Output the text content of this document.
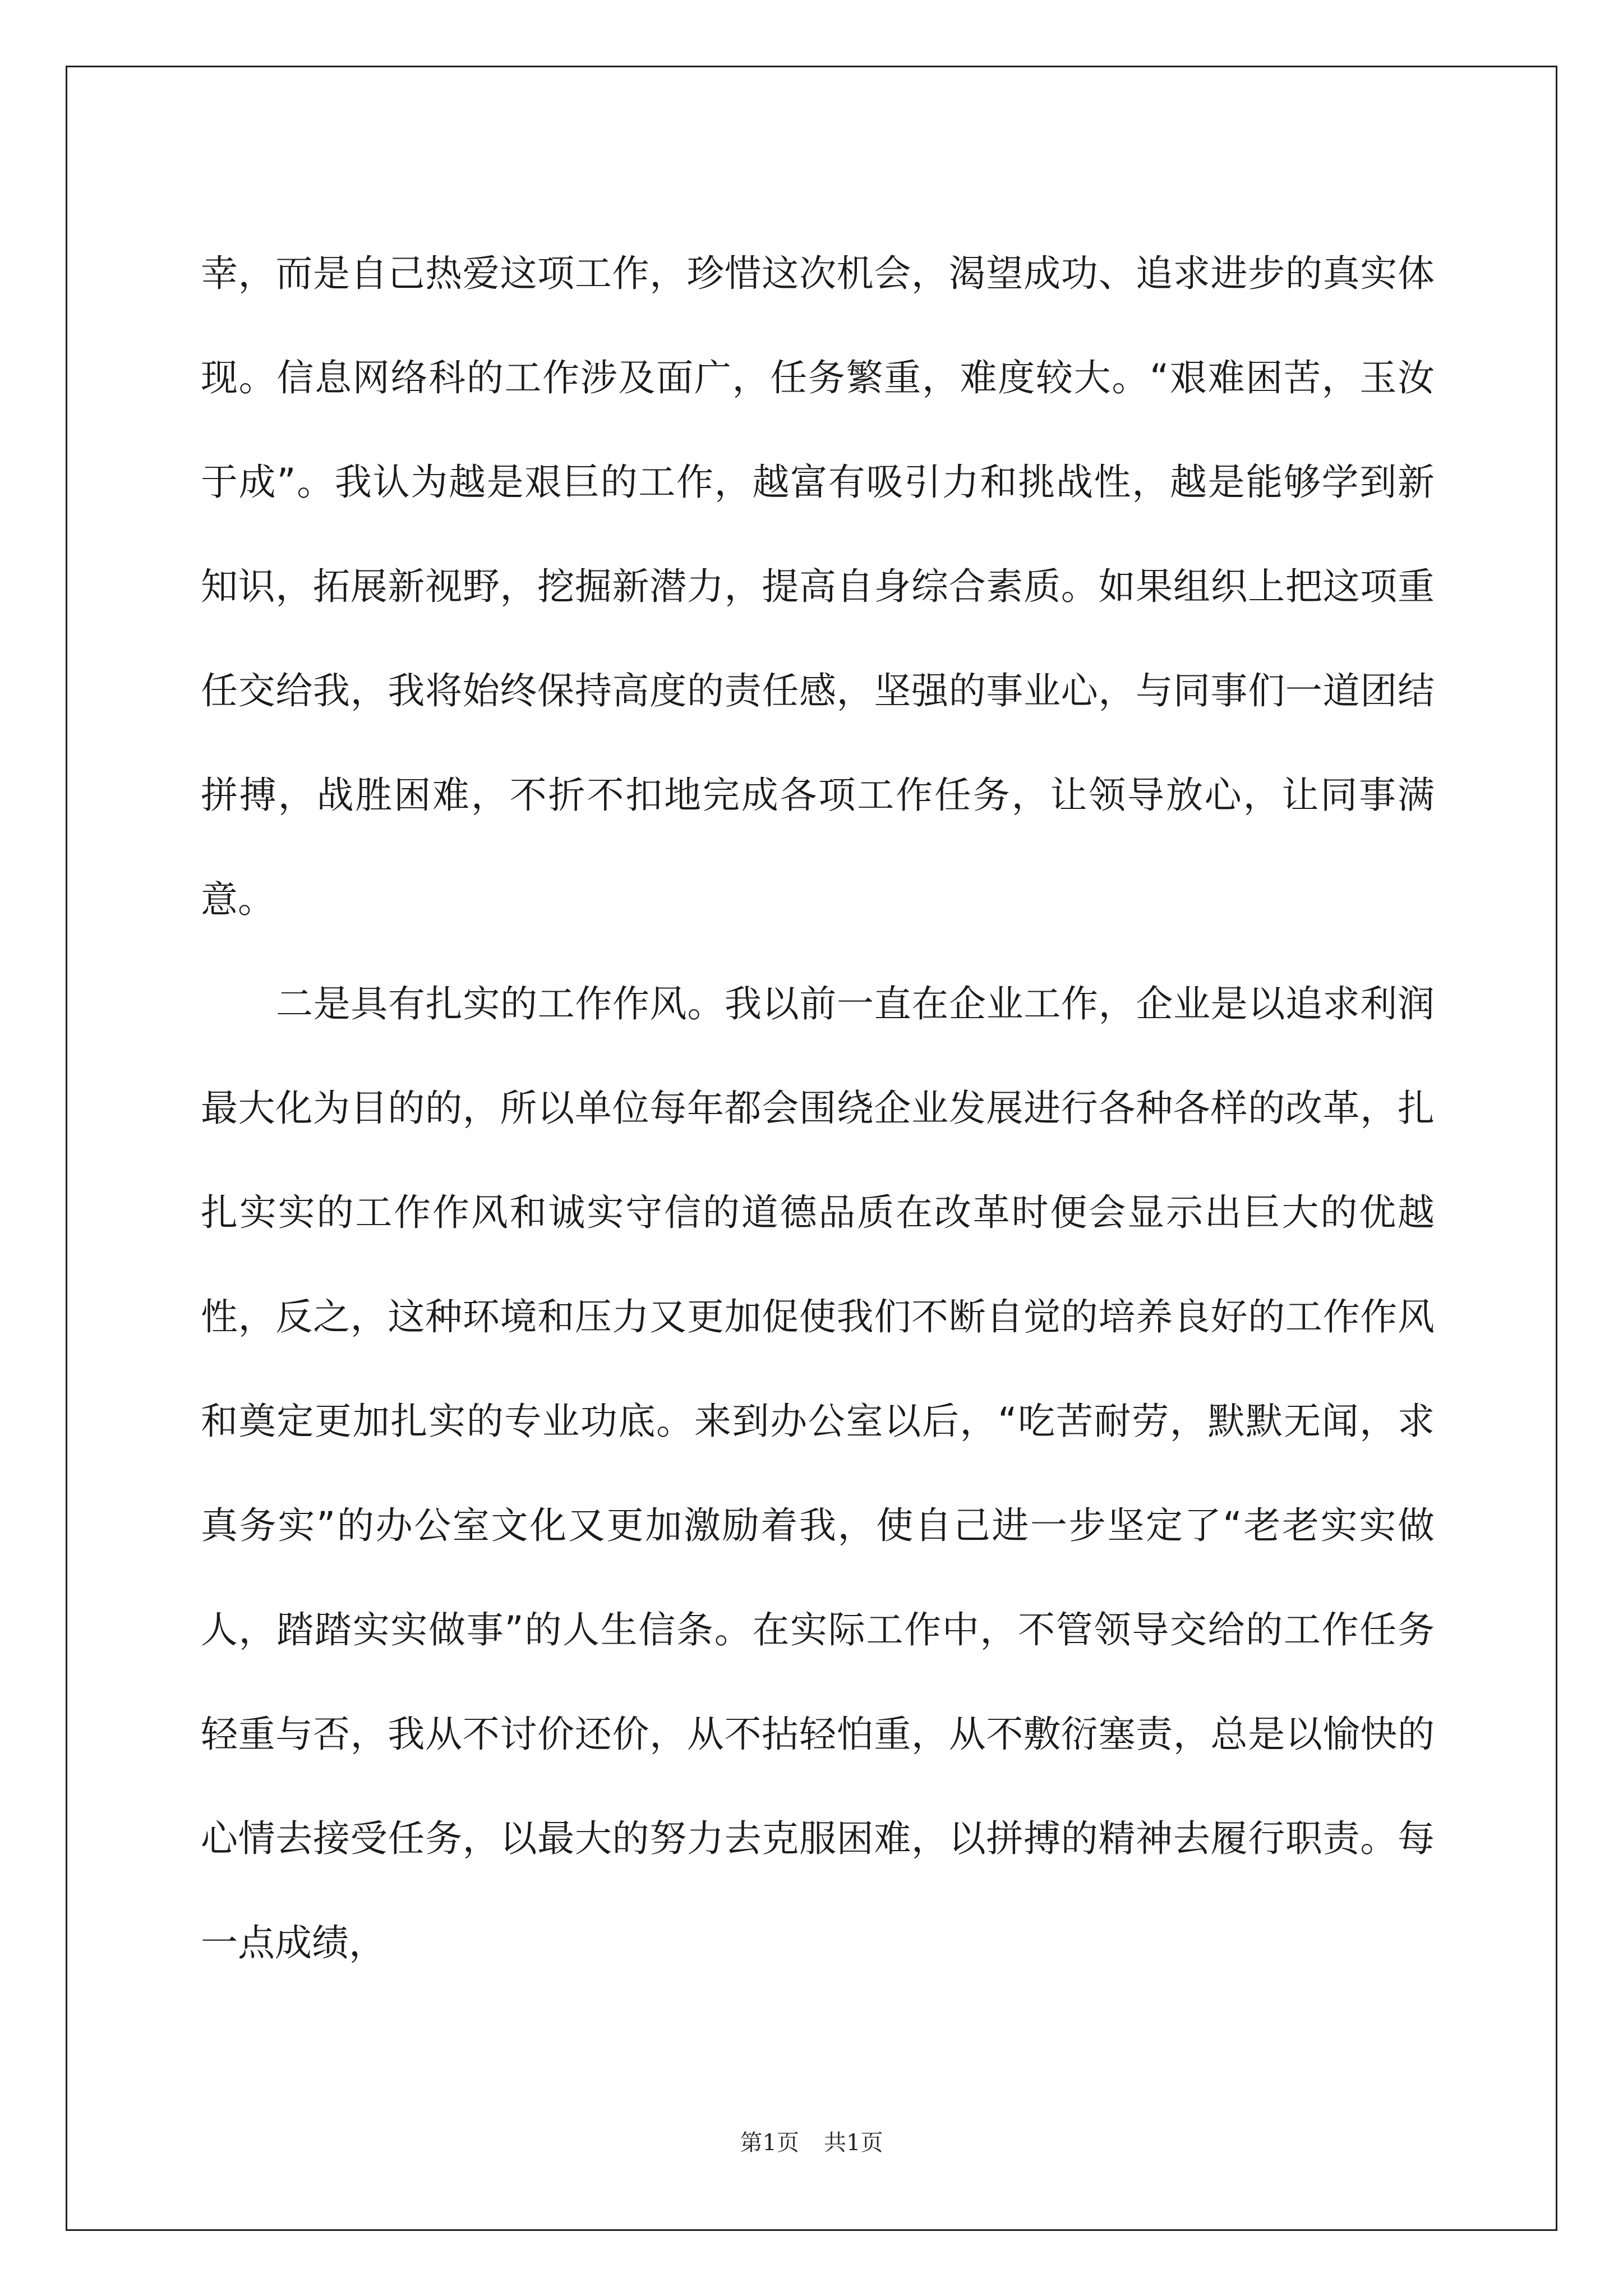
幸，而是自己热爱这项工作，珍惜这次机会，渴望成功、追求进步的真实体现。信息网络科的工作涉及面广，任务繁重，难度较大。“艰难困苦，玉汝于成”。我认为越是艰巨的工作，越富有吸引力和挑战性，越是能够学到新知识，拓展新视野，挖掘新潜力，提高自身综合素质。如果组织上把这项重任交给我，我将始终保持高度的责任感，坚强的事业心，与同事们一道团结拼搏，战胜困难，不折不扣地完成各项工作任务，让领导放心，让同事满意。

二是具有扎实的工作作风。我以前一直在企业工作，企业是以追求利润最大化为目的的，所以单位每年都会围绕企业发展进行各种各样的改革，扎扎实实的工作作风和诚实守信的道德品质在改革时便会显示出巨大的优越性，反之，这种环境和压力又更加促使我们不断自觉的培养良好的工作作风和奠定更加扎实的专业功底。来到办公室以后，“吃苦耐劳，默默无闻，求真务实”的办公室文化又更加激励着我，使自己进一步坚定了“老老实实做人，踏踏实实做事”的人生信条。在实际工作中，不管领导交给的工作任务轻重与否，我从不讨价还价，从不拈轻怕重，从不敷衍塞责，总是以愉快的心情去接受任务，以最大的努力去克服困难，以拼搏的精神去履行职责。每一点成绩，

第1页 共1页
